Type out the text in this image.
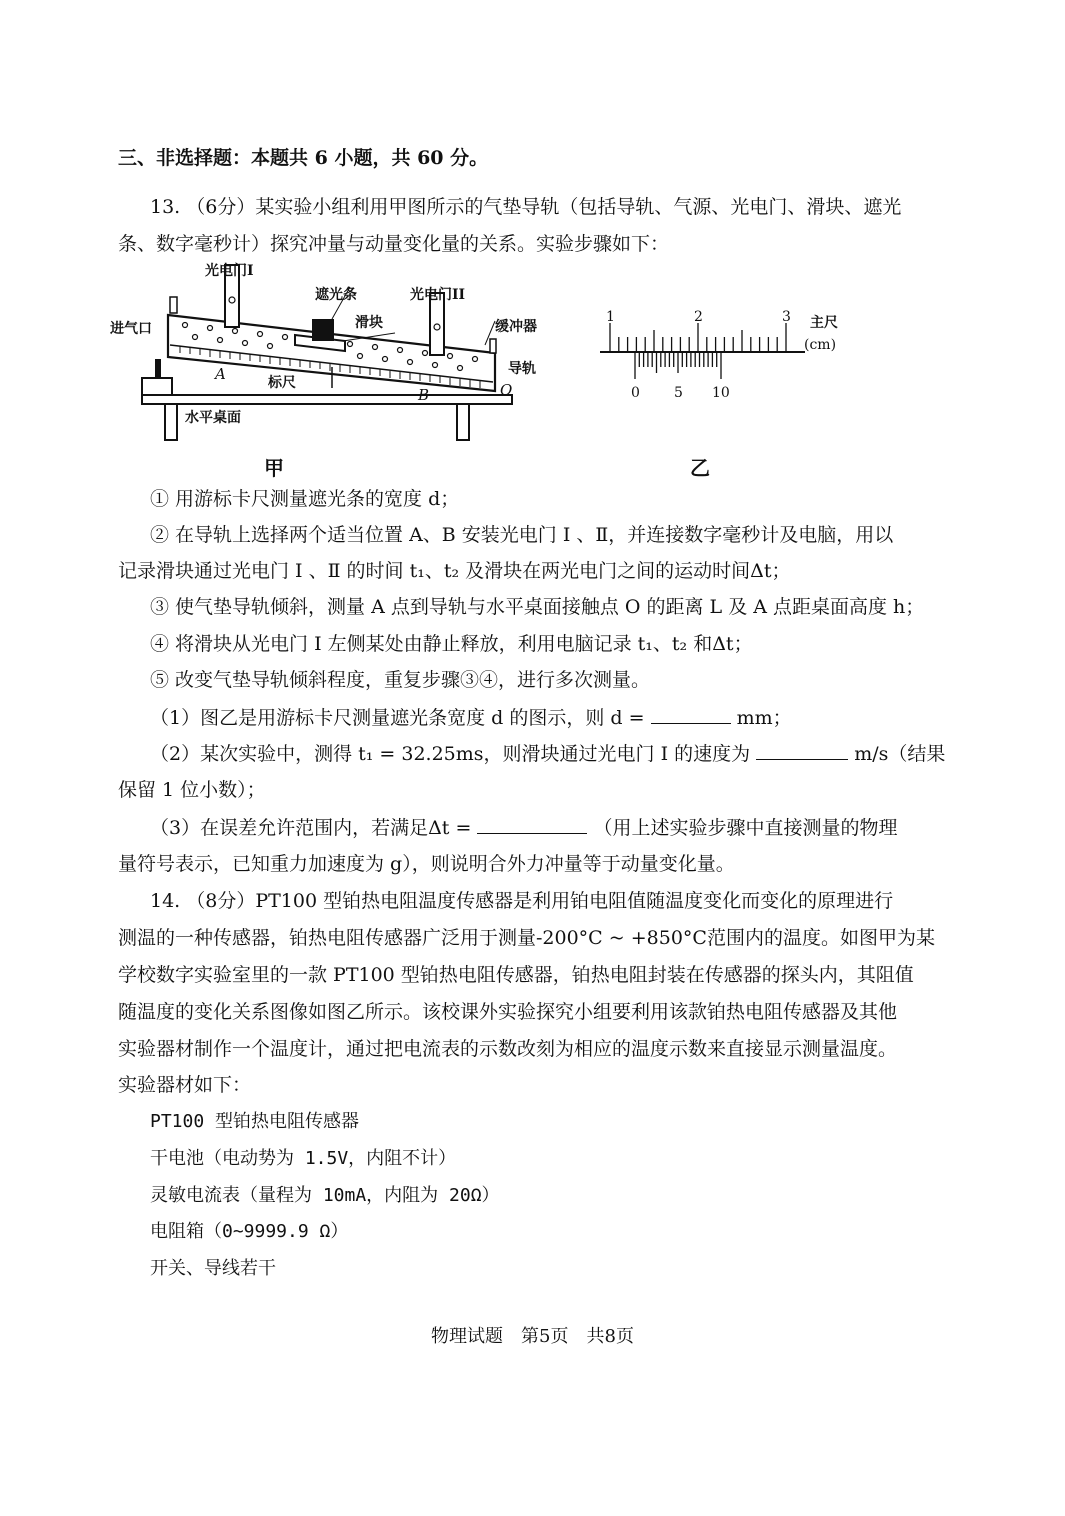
三、非选择题：本题共 6 小题，共 60 分。
13. （6分）某实验小组利用甲图所示的气垫导轨（包括导轨、气源、光电门、滑块、遮光
条、数字毫秒计）探究冲量与动量变化量的关系。实验步骤如下：
光电门I
光电门II
遮光条
滑块
进气口	缓冲器
导轨
A
B	O
标尺
水平桌面
甲
1	2	3 主尺
(cm)
0 5 10
乙
① 用游标卡尺测量遮光条的宽度 d；
② 在导轨上选择两个适当位置 A、B 安装光电门 Ⅰ 、Ⅱ，并连接数字毫秒计及电脑，用以
记录滑块通过光电门 Ⅰ 、Ⅱ 的时间 t₁、t₂ 及滑块在两光电门之间的运动时间Δt；
③ 使气垫导轨倾斜，测量 A 点到导轨与水平桌面接触点 O 的距离 L 及 A 点距桌面高度 h；
④ 将滑块从光电门 Ⅰ 左侧某处由静止释放，利用电脑记录 t₁、t₂ 和Δt；
⑤ 改变气垫导轨倾斜程度，重复步骤③④，进行多次测量。
（1）图乙是用游标卡尺测量遮光条宽度 d 的图示，则 d =	mm；
（2）某次实验中，测得 t₁ = 32.25ms，则滑块通过光电门 Ⅰ 的速度为	m/s（结果
保留 1 位小数）；
（3）在误差允许范围内，若满足Δt =	（用上述实验步骤中直接测量的物理
量符号表示，已知重力加速度为 g），则说明合外力冲量等于动量变化量。
14. （8分）PT100 型铂热电阻温度传感器是利用铂电阻值随温度变化而变化的原理进行
测温的一种传感器，铂热电阻传感器广泛用于测量-200°C ~ +850°C范围内的温度。如图甲为某
学校数字实验室里的一款 PT100 型铂热电阻传感器，铂热电阻封装在传感器的探头内，其阻值
随温度的变化关系图像如图乙所示。该校课外实验探究小组要利用该款铂热电阻传感器及其他
实验器材制作一个温度计，通过把电流表的示数改刻为相应的温度示数来直接显示测量温度。
实验器材如下：
PT100 型铂热电阻传感器
干电池（电动势为 1.5V，内阻不计）
灵敏电流表（量程为 10mA，内阻为 20Ω）
电阻箱（0~9999.9 Ω）
开关、导线若干
物理试题　第5页　共8页
